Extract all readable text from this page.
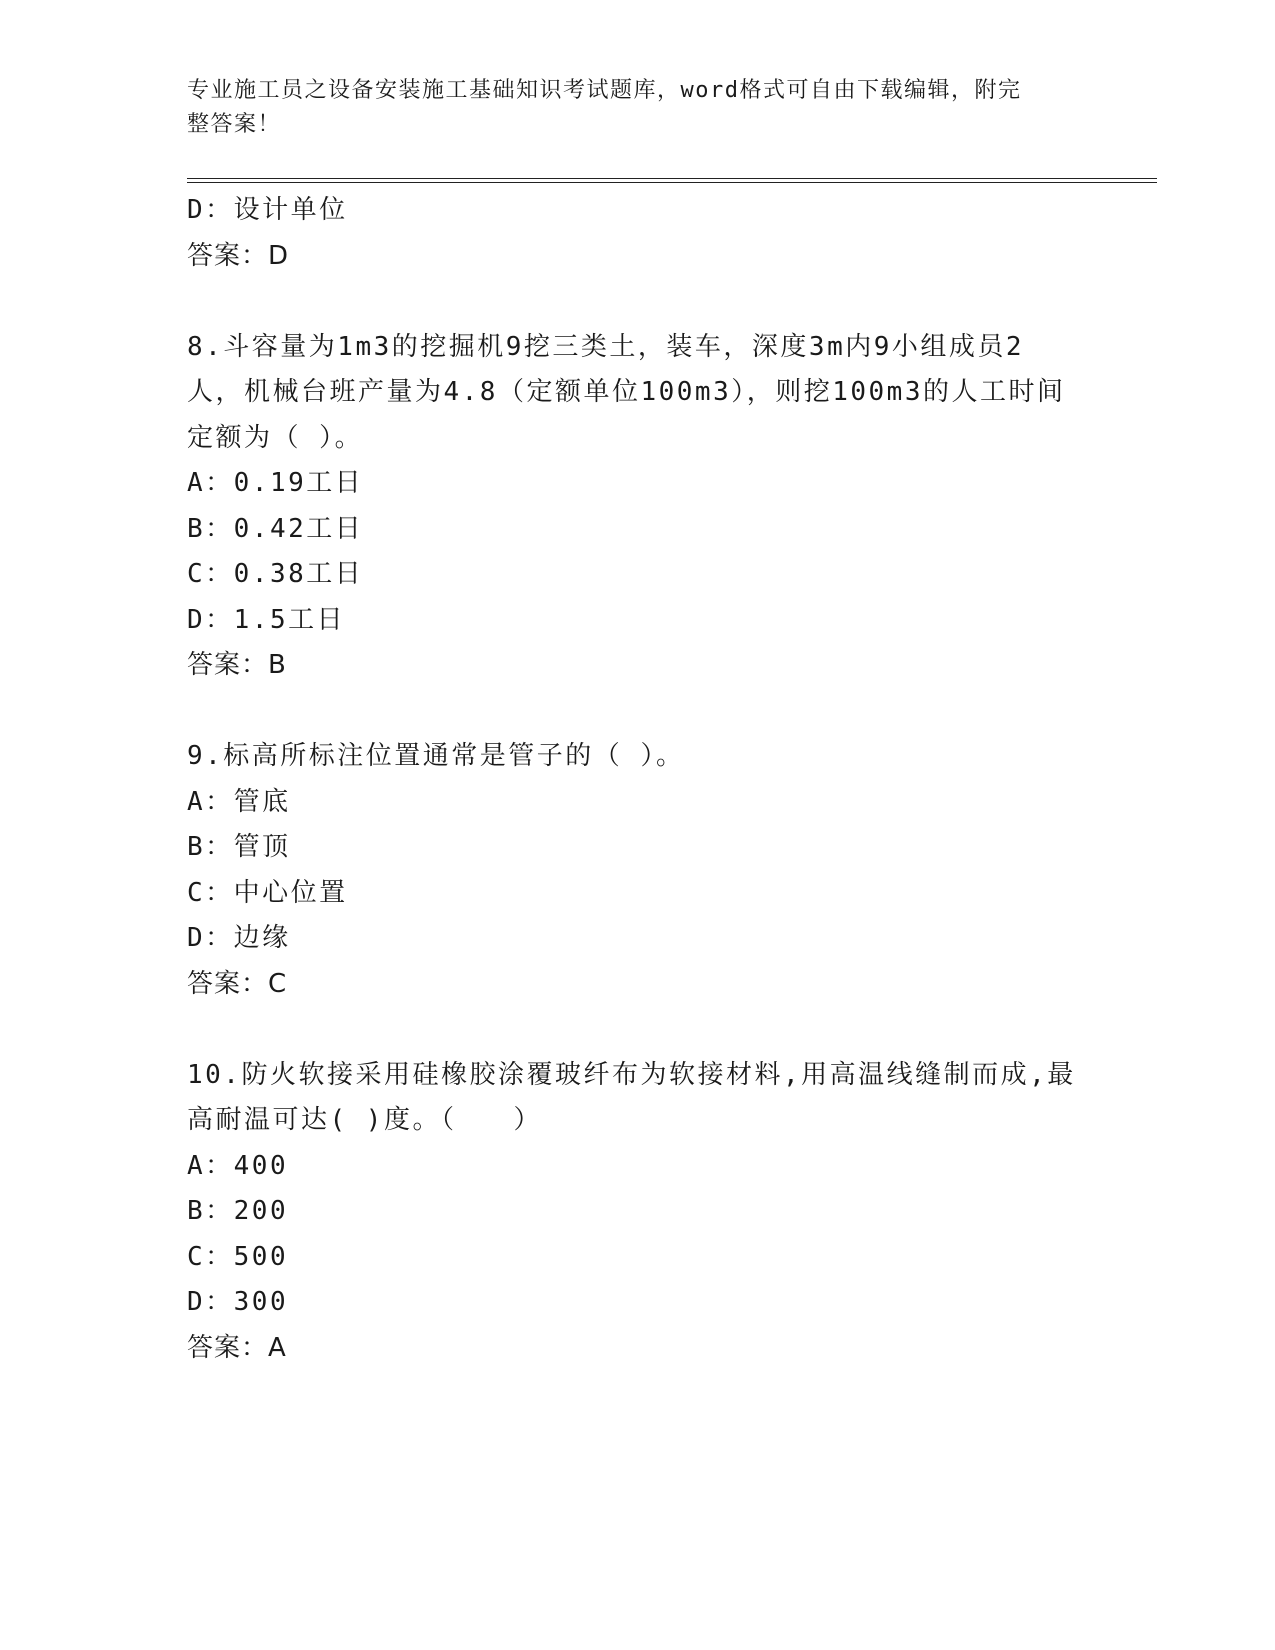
专业施工员之设备安装施工基础知识考试题库，word格式可自由下载编辑，附完
整答案！
D：设计单位
答案：D
8.斗容量为1m3的挖掘机9挖三类土，装车，深度3m内9小组成员2
人，机械台班产量为4.8（定额单位100m3），则挖100m3的人工时间
定额为（ ）。
A：0.19工日
B：0.42工日
C：0.38工日
D：1.5工日
答案：B
9.标高所标注位置通常是管子的（ ）。
A：管底
B：管顶
C：中心位置
D：边缘
答案：C
10.防火软接采用硅橡胶涂覆玻纤布为软接材料,用高温线缝制而成,最
高耐温可达( )度。（　　）
A：400
B：200
C：500
D：300
答案：A
